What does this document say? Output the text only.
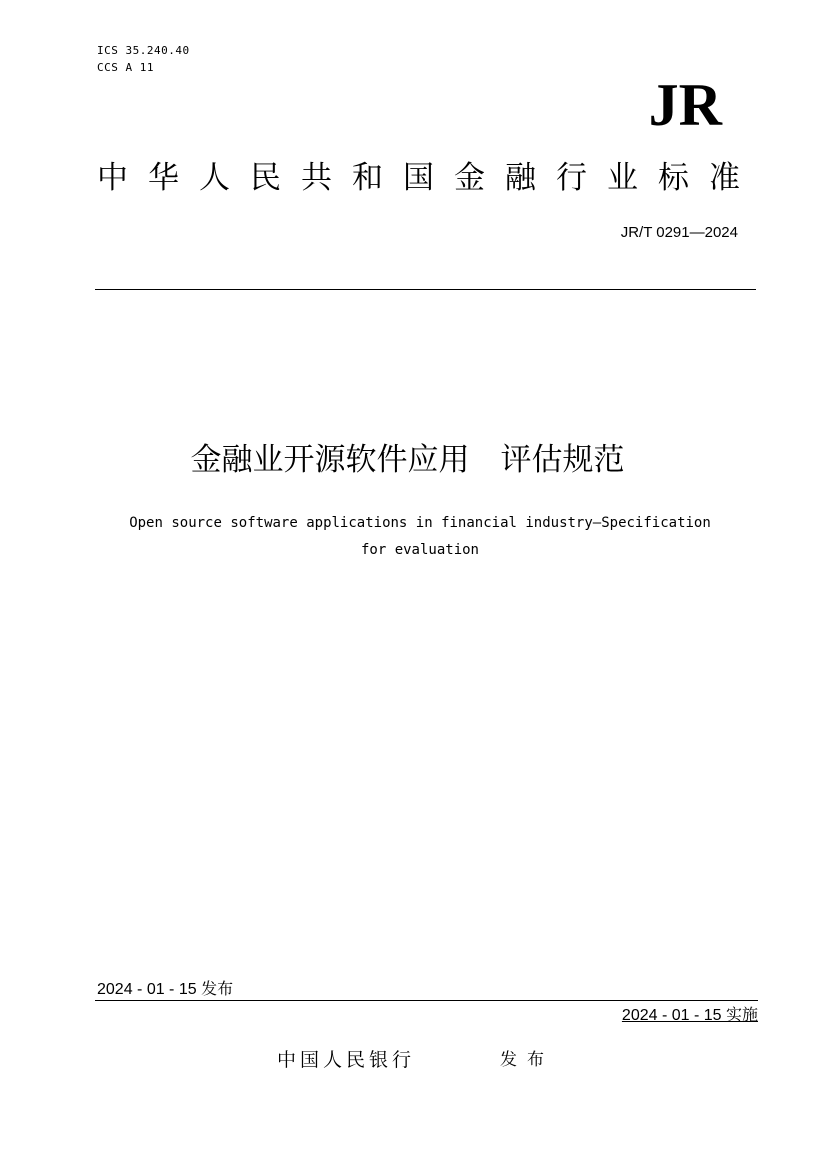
ICS 35.240.40
CCS A 11
JR
中华人民共和国金融行业标准
JR/T 0291—2024
金融业开源软件应用　评估规范
Open source software applications in financial industry—Specification
for evaluation
2024 - 01 - 15 发布

2024 - 01 - 15 实施

中国人民银行	发布
